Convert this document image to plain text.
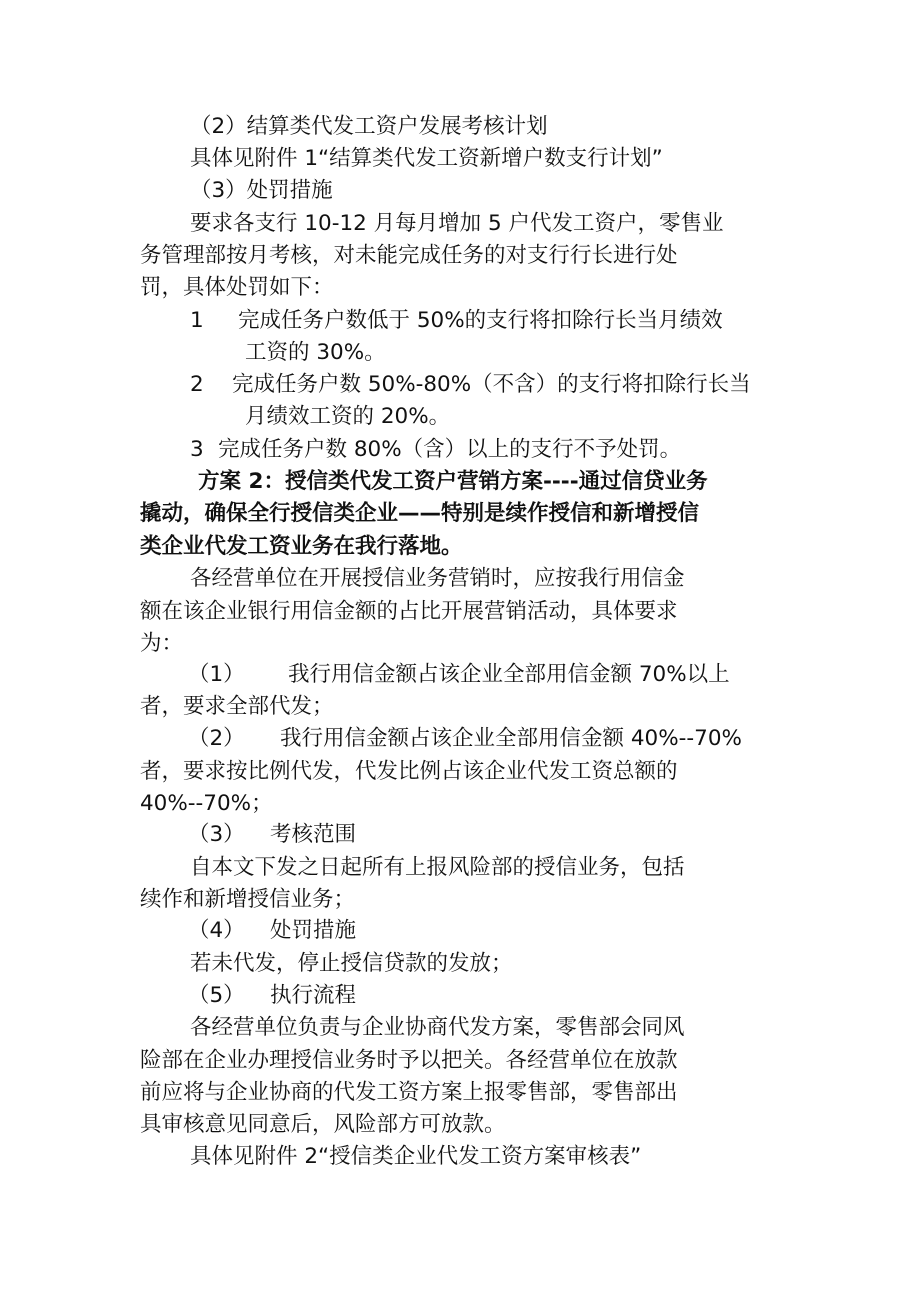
（2）结算类代发工资户发展考核计划
具体见附件 1“结算类代发工资新增户数支行计划”
（3）处罚措施
要求各支行 10-12 月每月增加 5 户代发工资户，零售业
务管理部按月考核，对未能完成任务的对支行行长进行处
罚，具体处罚如下：
1	完成任务户数低于 50%的支行将扣除行长当月绩效
工资的 30%。
2	完成任务户数 50%-80%（不含）的支行将扣除行长当
月绩效工资的 20%。
3 完成任务户数 80%（含）以上的支行不予处罚。
方案 2：授信类代发工资户营销方案----通过信贷业务
撬动，确保全行授信类企业——特别是续作授信和新增授信
类企业代发工资业务在我行落地。
各经营单位在开展授信业务营销时，应按我行用信金
额在该企业银行用信金额的占比开展营销活动，具体要求
为：
（1）	我行用信金额占该企业全部用信金额 70%以上
者，要求全部代发；
（2）	我行用信金额占该企业全部用信金额 40%--70%
者，要求按比例代发，代发比例占该企业代发工资总额的
40%--70%；
（3）	考核范围
自本文下发之日起所有上报风险部的授信业务，包括
续作和新增授信业务；
（4）	处罚措施
若未代发，停止授信贷款的发放；
（5）	执行流程
各经营单位负责与企业协商代发方案，零售部会同风
险部在企业办理授信业务时予以把关。各经营单位在放款
前应将与企业协商的代发工资方案上报零售部，零售部出
具审核意见同意后，风险部方可放款。
具体见附件 2“授信类企业代发工资方案审核表”
